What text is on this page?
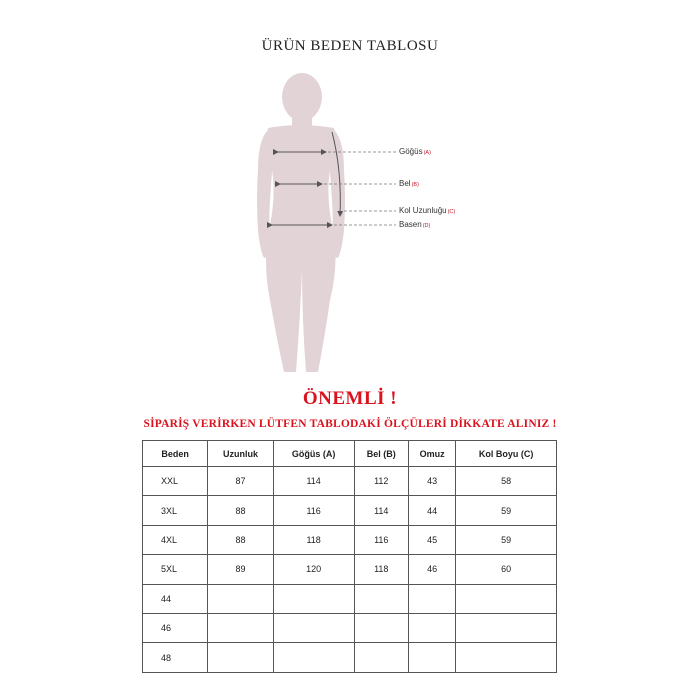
ÜRÜN BEDEN TABLOSU
Göğüs(A)
Bel(B)
Kol Uzunluğu(C)
Basen(D)
ÖNEMLİ !
SİPARİŞ VERİRKEN LÜTFEN TABLODAKİ ÖLÇÜLERİ DİKKATE ALINIZ !
Beden	Uzunluk	Göğüs (A)	Bel (B)	Omuz	Kol Boyu (C)
XXL	87	114	112	43	58
3XL	88	116	114	44	59
4XL	88	118	116	45	59
5XL	89	120	118	46	60
44					
46					
48					
